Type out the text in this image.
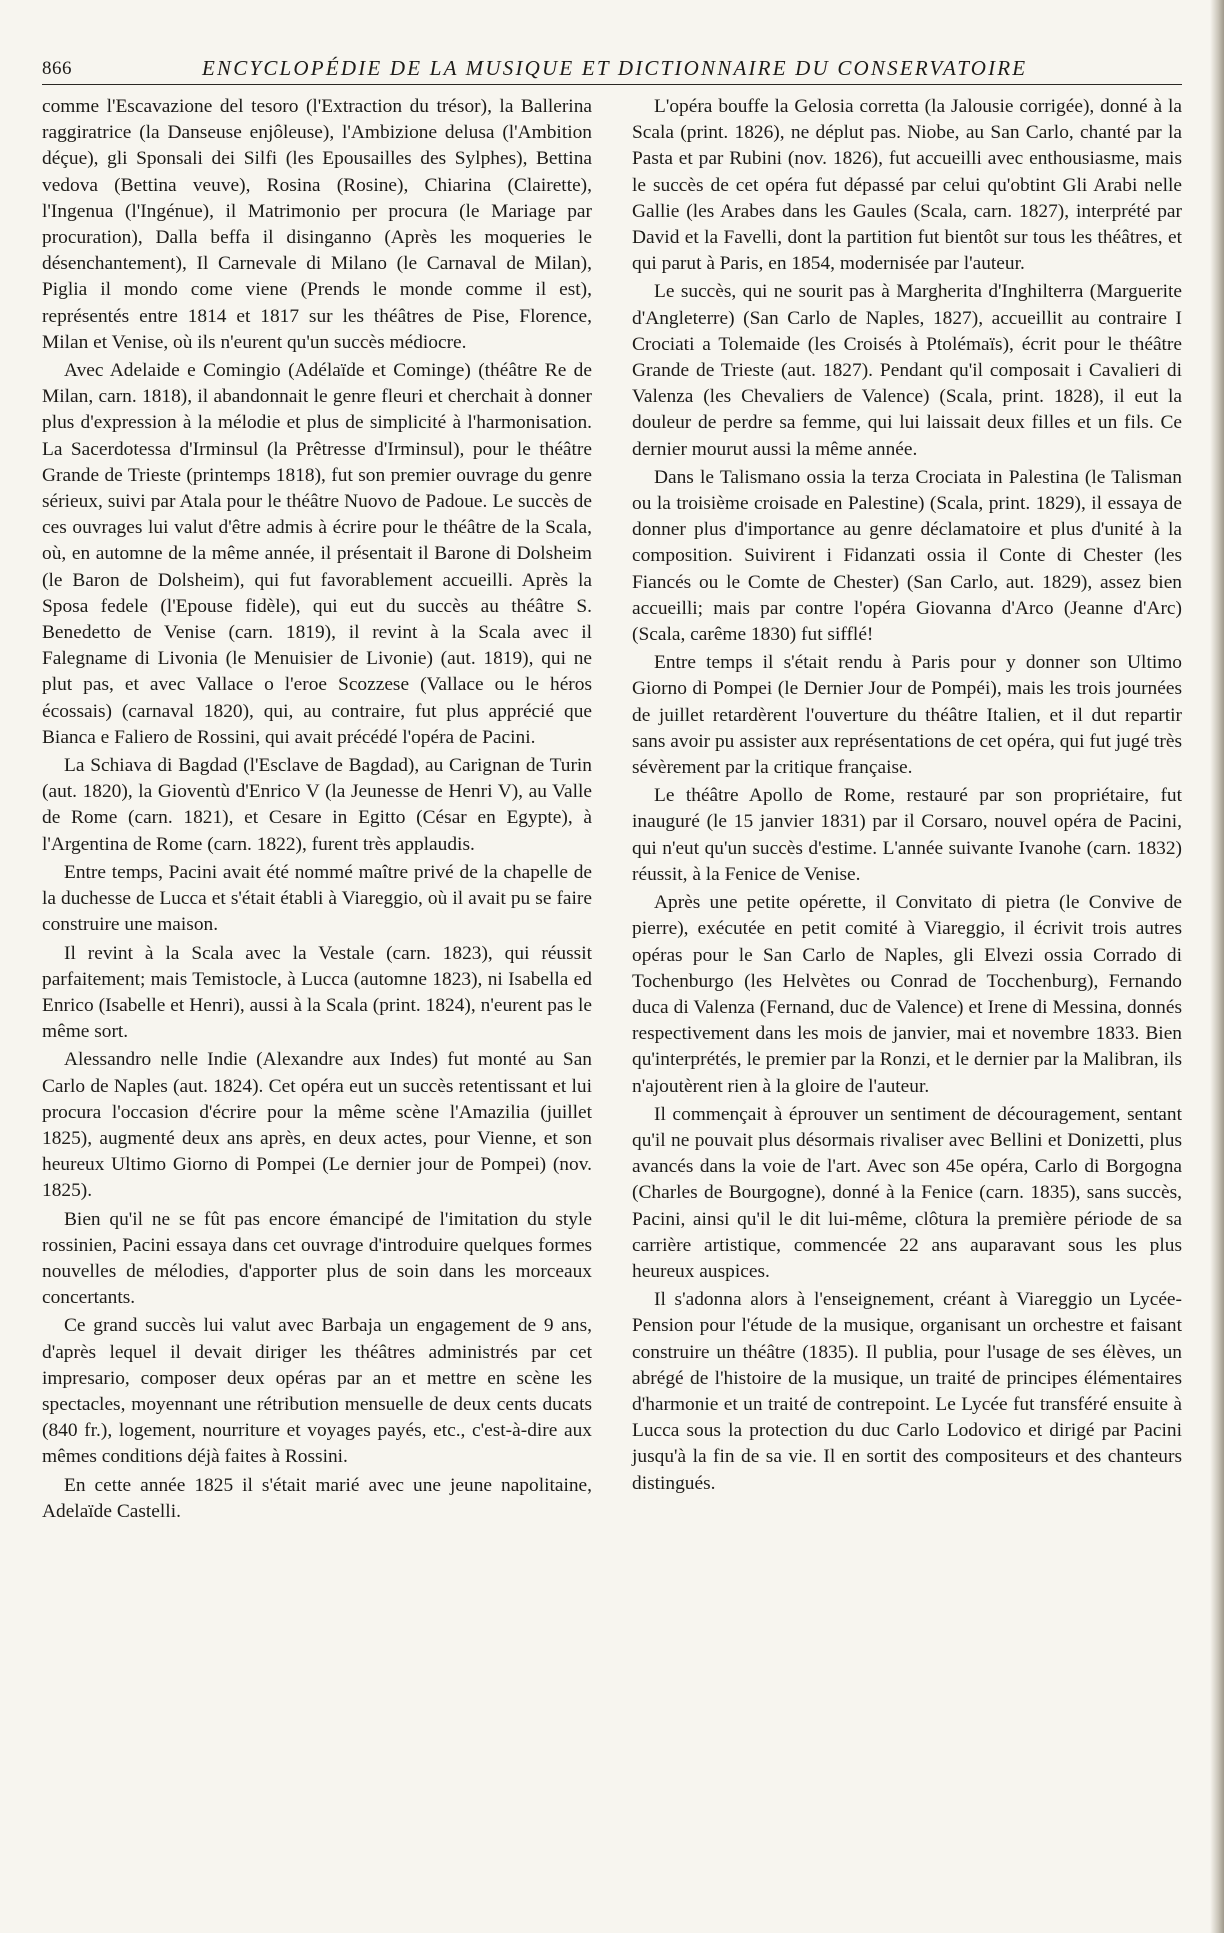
866	ENCYCLOPÉDIE DE LA MUSIQUE ET DICTIONNAIRE DU CONSERVATOIRE

comme l'Escavazione del tesoro (l'Extraction du trésor), la Ballerina raggiratrice (la Danseuse enjôleuse), l'Ambizione delusa (l'Ambition déçue), gli Sponsali dei Silfi (les Epousailles des Sylphes), Bettina vedova (Bettina veuve), Rosina (Rosine), Chiarina (Clairette), l'Ingenua (l'Ingénue), il Matrimonio per procura (le Mariage par procuration), Dalla beffa il disinganno (Après les moqueries le désenchantement), Il Carnevale di Milano (le Carnaval de Milan), Piglia il mondo come viene (Prends le monde comme il est), représentés entre 1814 et 1817 sur les théâtres de Pise, Florence, Milan et Venise, où ils n'eurent qu'un succès médiocre.

Avec Adelaide e Comingio (Adélaïde et Cominge) (théâtre Re de Milan, carn. 1818), il abandonnait le genre fleuri et cherchait à donner plus d'expression à la mélodie et plus de simplicité à l'harmonisation. La Sacerdotessa d'Irminsul (la Prêtresse d'Irminsul), pour le théâtre Grande de Trieste (printemps 1818), fut son premier ouvrage du genre sérieux, suivi par Atala pour le théâtre Nuovo de Padoue. Le succès de ces ouvrages lui valut d'être admis à écrire pour le théâtre de la Scala, où, en automne de la même année, il présentait il Barone di Dolsheim (le Baron de Dolsheim), qui fut favorablement accueilli. Après la Sposa fedele (l'Epouse fidèle), qui eut du succès au théâtre S. Benedetto de Venise (carn. 1819), il revint à la Scala avec il Falegname di Livonia (le Menuisier de Livonie) (aut. 1819), qui ne plut pas, et avec Vallace o l'eroe Scozzese (Vallace ou le héros écossais) (carnaval 1820), qui, au contraire, fut plus apprécié que Bianca e Faliero de Rossini, qui avait précédé l'opéra de Pacini.

La Schiava di Bagdad (l'Esclave de Bagdad), au Carignan de Turin (aut. 1820), la Gioventù d'Enrico V (la Jeunesse de Henri V), au Valle de Rome (carn. 1821), et Cesare in Egitto (César en Egypte), à l'Argentina de Rome (carn. 1822), furent très applaudis.

Entre temps, Pacini avait été nommé maître privé de la chapelle de la duchesse de Lucca et s'était établi à Viareggio, où il avait pu se faire construire une maison.

Il revint à la Scala avec la Vestale (carn. 1823), qui réussit parfaitement; mais Temistocle, à Lucca (automne 1823), ni Isabella ed Enrico (Isabelle et Henri), aussi à la Scala (print. 1824), n'eurent pas le même sort.

Alessandro nelle Indie (Alexandre aux Indes) fut monté au San Carlo de Naples (aut. 1824). Cet opéra eut un succès retentissant et lui procura l'occasion d'écrire pour la même scène l'Amazilia (juillet 1825), augmenté deux ans après, en deux actes, pour Vienne, et son heureux Ultimo Giorno di Pompei (Le dernier jour de Pompei) (nov. 1825).

Bien qu'il ne se fût pas encore émancipé de l'imitation du style rossinien, Pacini essaya dans cet ouvrage d'introduire quelques formes nouvelles de mélodies, d'apporter plus de soin dans les morceaux concertants.

Ce grand succès lui valut avec Barbaja un engagement de 9 ans, d'après lequel il devait diriger les théâtres administrés par cet impresario, composer deux opéras par an et mettre en scène les spectacles, moyennant une rétribution mensuelle de deux cents ducats (840 fr.), logement, nourriture et voyages payés, etc., c'est-à-dire aux mêmes conditions déjà faites à Rossini.

En cette année 1825 il s'était marié avec une jeune napolitaine, Adelaïde Castelli.

L'opéra bouffe la Gelosia corretta (la Jalousie corrigée), donné à la Scala (print. 1826), ne déplut pas. Niobe, au San Carlo, chanté par la Pasta et par Rubini (nov. 1826), fut accueilli avec enthousiasme, mais le succès de cet opéra fut dépassé par celui qu'obtint Gli Arabi nelle Gallie (les Arabes dans les Gaules (Scala, carn. 1827), interprété par David et la Favelli, dont la partition fut bientôt sur tous les théâtres, et qui parut à Paris, en 1854, modernisée par l'auteur.

Le succès, qui ne sourit pas à Margherita d'Inghilterra (Marguerite d'Angleterre) (San Carlo de Naples, 1827), accueillit au contraire I Crociati a Tolemaide (les Croisés à Ptolémaïs), écrit pour le théâtre Grande de Trieste (aut. 1827). Pendant qu'il composait i Cavalieri di Valenza (les Chevaliers de Valence) (Scala, print. 1828), il eut la douleur de perdre sa femme, qui lui laissait deux filles et un fils. Ce dernier mourut aussi la même année.

Dans le Talismano ossia la terza Crociata in Palestina (le Talisman ou la troisième croisade en Palestine) (Scala, print. 1829), il essaya de donner plus d'importance au genre déclamatoire et plus d'unité à la composition. Suivirent i Fidanzati ossia il Conte di Chester (les Fiancés ou le Comte de Chester) (San Carlo, aut. 1829), assez bien accueilli; mais par contre l'opéra Giovanna d'Arco (Jeanne d'Arc) (Scala, carême 1830) fut sifflé!

Entre temps il s'était rendu à Paris pour y donner son Ultimo Giorno di Pompei (le Dernier Jour de Pompéi), mais les trois journées de juillet retardèrent l'ouverture du théâtre Italien, et il dut repartir sans avoir pu assister aux représentations de cet opéra, qui fut jugé très sévèrement par la critique française.

Le théâtre Apollo de Rome, restauré par son propriétaire, fut inauguré (le 15 janvier 1831) par il Corsaro, nouvel opéra de Pacini, qui n'eut qu'un succès d'estime. L'année suivante Ivanohe (carn. 1832) réussit, à la Fenice de Venise.

Après une petite opérette, il Convitato di pietra (le Convive de pierre), exécutée en petit comité à Viareggio, il écrivit trois autres opéras pour le San Carlo de Naples, gli Elvezi ossia Corrado di Tochenburgo (les Helvètes ou Conrad de Tocchenburg), Fernando duca di Valenza (Fernand, duc de Valence) et Irene di Messina, donnés respectivement dans les mois de janvier, mai et novembre 1833. Bien qu'interprétés, le premier par la Ronzi, et le dernier par la Malibran, ils n'ajoutèrent rien à la gloire de l'auteur.

Il commençait à éprouver un sentiment de découragement, sentant qu'il ne pouvait plus désormais rivaliser avec Bellini et Donizetti, plus avancés dans la voie de l'art. Avec son 45e opéra, Carlo di Borgogna (Charles de Bourgogne), donné à la Fenice (carn. 1835), sans succès, Pacini, ainsi qu'il le dit lui-même, clôtura la première période de sa carrière artistique, commencée 22 ans auparavant sous les plus heureux auspices.

Il s'adonna alors à l'enseignement, créant à Viareggio un Lycée-Pension pour l'étude de la musique, organisant un orchestre et faisant construire un théâtre (1835). Il publia, pour l'usage de ses élèves, un abrégé de l'histoire de la musique, un traité de principes élémentaires d'harmonie et un traité de contrepoint. Le Lycée fut transféré ensuite à Lucca sous la protection du duc Carlo Lodovico et dirigé par Pacini jusqu'à la fin de sa vie. Il en sortit des compositeurs et des chanteurs distingués.
